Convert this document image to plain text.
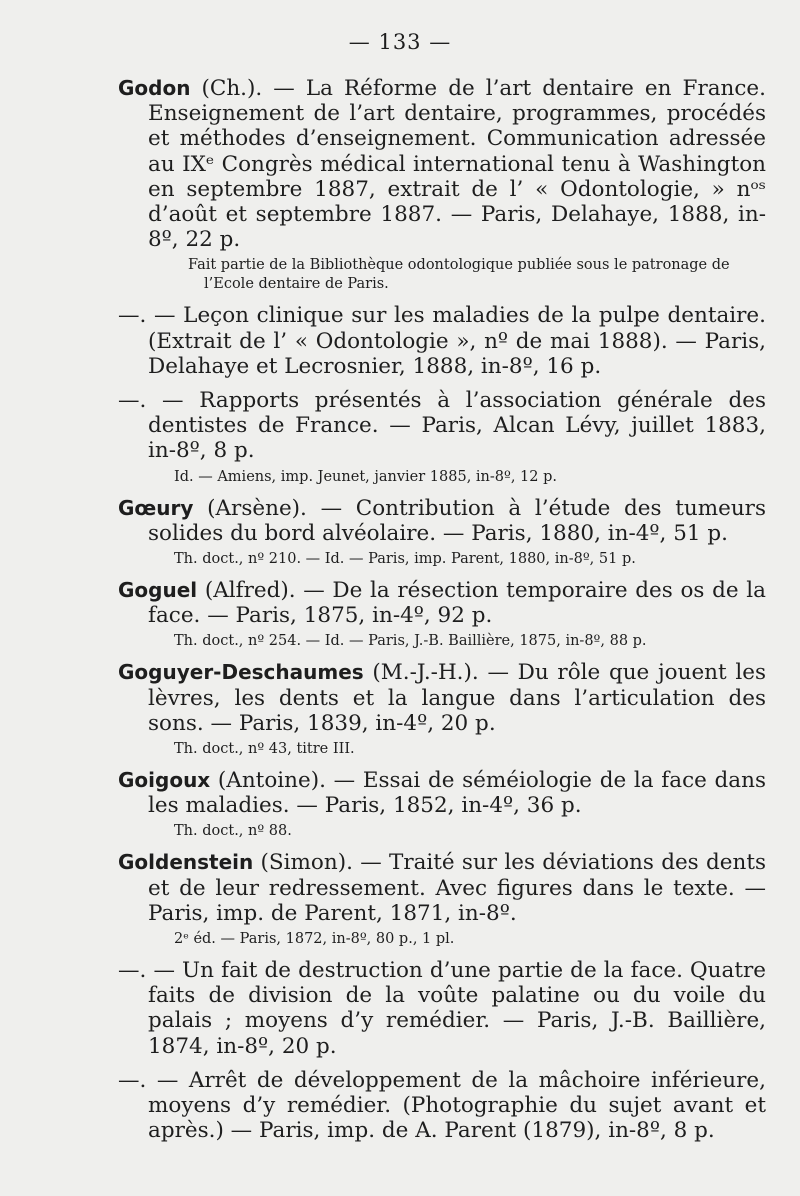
— 133 —

Godon (Ch.). — La Réforme de l’art dentaire en France. Enseignement de l’art dentaire, programmes, procédés et méthodes d’enseignement. Communication adressée au IXᵉ Congrès médical international tenu à Washington en septembre 1887, extrait de l’ « Odontologie, » nᵒˢ d’août et septembre 1887. — Paris, Delahaye, 1888, in-8º, 22 p.

Fait partie de la Bibliothèque odontologique publiée sous le patronage de l’Ecole dentaire de Paris.

—. — Leçon clinique sur les maladies de la pulpe dentaire. (Extrait de l’ « Odontologie », nº de mai 1888). — Paris, Delahaye et Lecrosnier, 1888, in-8º, 16 p.

—. — Rapports présentés à l’association générale des dentistes de France. — Paris, Alcan Lévy, juillet 1883, in-8º, 8 p.

Id. — Amiens, imp. Jeunet, janvier 1885, in-8º, 12 p.

Gœury (Arsène). — Contribution à l’étude des tumeurs solides du bord alvéolaire. — Paris, 1880, in-4º, 51 p.

Th. doct., nº 210. — Id. — Paris, imp. Parent, 1880, in-8º, 51 p.

Goguel (Alfred). — De la résection temporaire des os de la face. — Paris, 1875, in-4º, 92 p.

Th. doct., nº 254. — Id. — Paris, J.-B. Baillière, 1875, in-8º, 88 p.

Goguyer-Deschaumes (M.-J.-H.). — Du rôle que jouent les lèvres, les dents et la langue dans l’articulation des sons. — Paris, 1839, in-4º, 20 p.

Th. doct., nº 43, titre III.

Goigoux (Antoine). — Essai de séméiologie de la face dans les maladies. — Paris, 1852, in-4º, 36 p.

Th. doct., nº 88.

Goldenstein (Simon). — Traité sur les déviations des dents et de leur redressement. Avec figures dans le texte. — Paris, imp. de Parent, 1871, in-8º.

2ᵉ éd. — Paris, 1872, in-8º, 80 p., 1 pl.

—. — Un fait de destruction d’une partie de la face. Quatre faits de division de la voûte palatine ou du voile du palais ; moyens d’y remédier. — Paris, J.-B. Baillière, 1874, in-8º, 20 p.

—. — Arrêt de développement de la mâchoire inférieure, moyens d’y remédier. (Photographie du sujet avant et après.) — Paris, imp. de A. Parent (1879), in-8º, 8 p.
